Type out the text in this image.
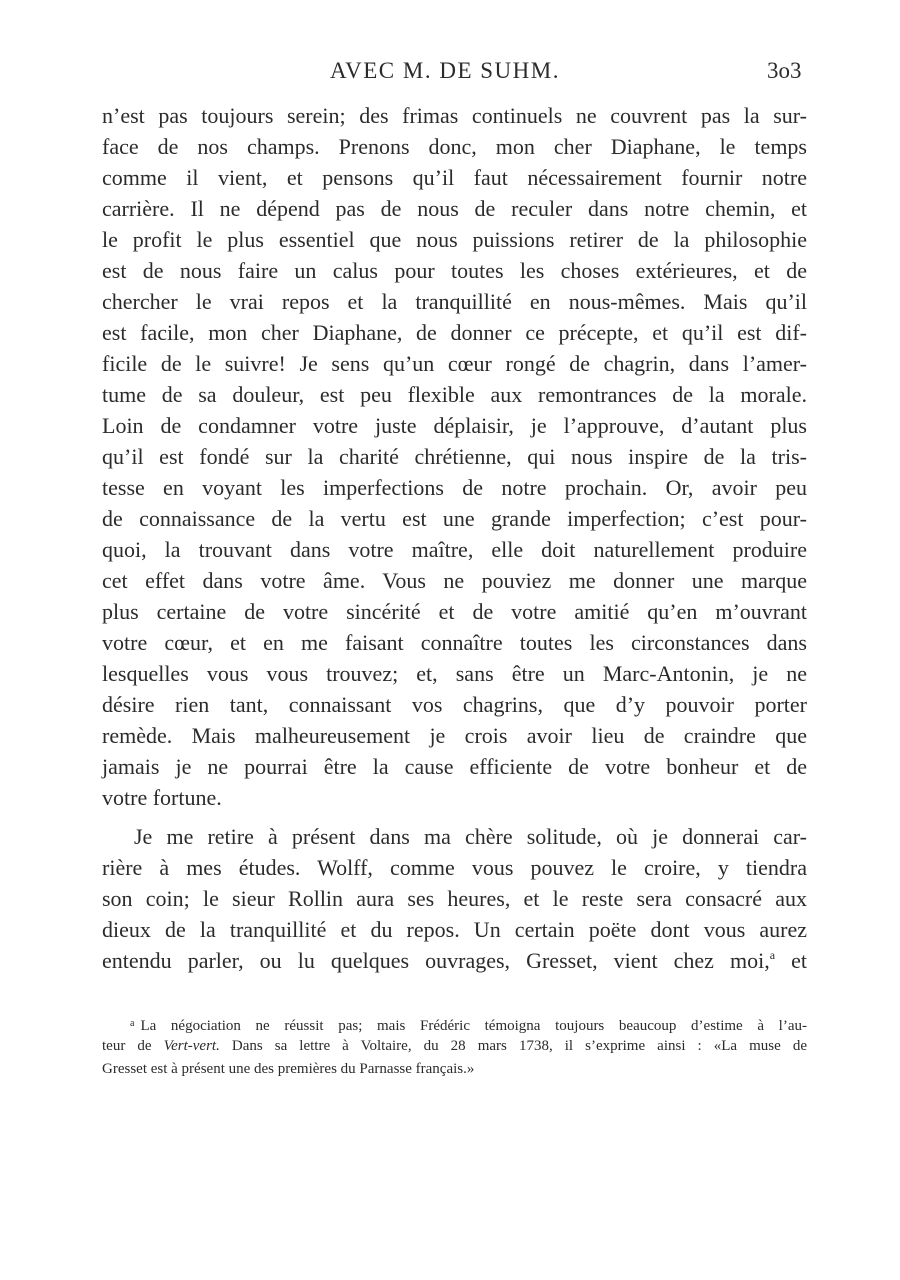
AVEC M. DE SUHM.	3o3
n’est pas toujours serein; des frimas continuels ne couvrent pas la sur-
face de nos champs. Prenons donc, mon cher Diaphane, le temps
comme il vient, et pensons qu’il faut nécessairement fournir notre
carrière. Il ne dépend pas de nous de reculer dans notre chemin, et
le profit le plus essentiel que nous puissions retirer de la philosophie
est de nous faire un calus pour toutes les choses extérieures, et de
chercher le vrai repos et la tranquillité en nous-mêmes. Mais qu’il
est facile, mon cher Diaphane, de donner ce précepte, et qu’il est dif-
ficile de le suivre! Je sens qu’un cœur rongé de chagrin, dans l’amer-
tume de sa douleur, est peu flexible aux remontrances de la morale.
Loin de condamner votre juste déplaisir, je l’approuve, d’autant plus
qu’il est fondé sur la charité chrétienne, qui nous inspire de la tris-
tesse en voyant les imperfections de notre prochain. Or, avoir peu
de connaissance de la vertu est une grande imperfection; c’est pour-
quoi, la trouvant dans votre maître, elle doit naturellement produire
cet effet dans votre âme. Vous ne pouviez me donner une marque
plus certaine de votre sincérité et de votre amitié qu’en m’ouvrant
votre cœur, et en me faisant connaître toutes les circonstances dans
lesquelles vous vous trouvez; et, sans être un Marc-Antonin, je ne
désire rien tant, connaissant vos chagrins, que d’y pouvoir porter
remède. Mais malheureusement je crois avoir lieu de craindre que
jamais je ne pourrai être la cause efficiente de votre bonheur et de
votre fortune.
Je me retire à présent dans ma chère solitude, où je donnerai car-
rière à mes études. Wolff, comme vous pouvez le croire, y tiendra
son coin; le sieur Rollin aura ses heures, et le reste sera consacré aux
dieux de la tranquillité et du repos. Un certain poëte dont vous aurez
entendu parler, ou lu quelques ouvrages, Gresset, vient chez moi,$^a$ et
$^a$ La négociation ne réussit pas; mais Frédéric témoigna toujours beaucoup d’estime à l’au-
teur de Vert-vert. Dans sa lettre à Voltaire, du 28 mars 1738, il s’exprime ainsi : «La muse de
Gresset est à présent une des premières du Parnasse français.»
